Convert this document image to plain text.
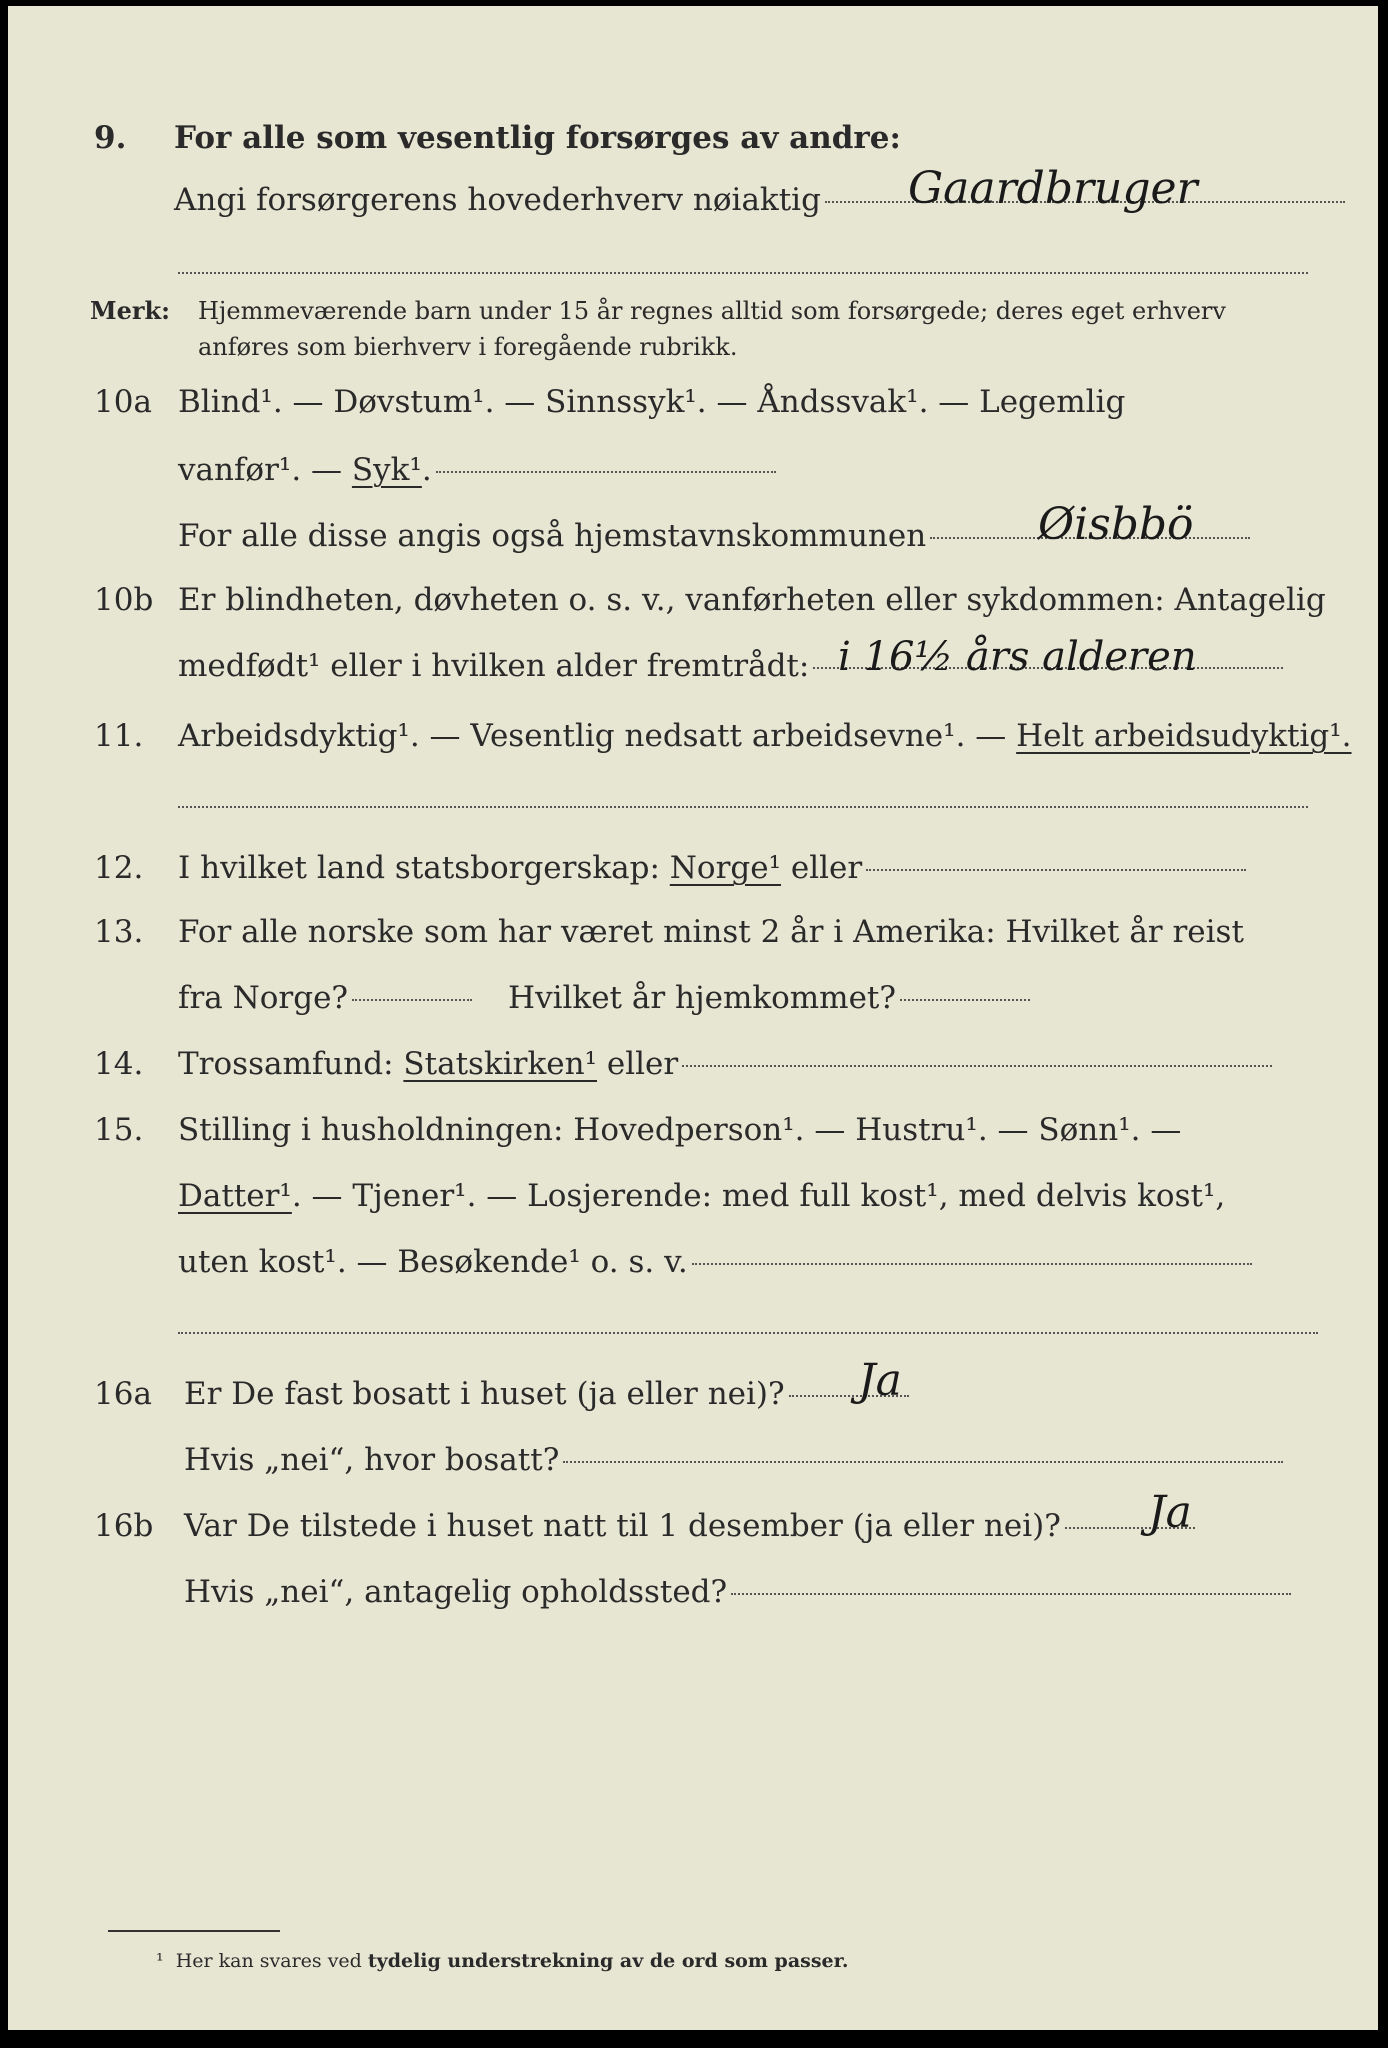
9. For alle som vesentlig forsørges av andre:
Angi forsørgerens hovederhverv nøiaktig	Gaardbruger
Merk: Hjemmeværende barn under 15 år regnes alltid som forsørgede; deres eget erhverv
anføres som bierhverv i foregående rubrikk.
10a Blind¹. — Døvstum¹. — Sinnssyk¹. — Åndssvak¹. — Legemlig
vanfør¹. — Syk¹.
For alle disse angis også hjemstavnskommunen	Øisbbö
10b Er blindheten, døvheten o. s. v., vanførheten eller sykdommen: Antagelig
medfødt¹ eller i hvilken alder fremtrådt: i 16½ års alderen
11. Arbeidsdyktig¹. — Vesentlig nedsatt arbeidsevne¹. — Helt arbeidsudyktig¹.
12. I hvilket land statsborgerskap: Norge¹ eller
13. For alle norske som har været minst 2 år i Amerika: Hvilket år reist
fra Norge?	Hvilket år hjemkommet?
14. Trossamfund: Statskirken¹ eller
15. Stilling i husholdningen: Hovedperson¹. — Hustru¹. — Sønn¹. —
Datter¹. — Tjener¹. — Losjerende: med full kost¹, med delvis kost¹,
uten kost¹. — Besøkende¹ o. s. v.
16a Er De fast bosatt i huset (ja eller nei)?	Ja
Hvis „nei“, hvor bosatt?
16b Var De tilstede i huset natt til 1 desember (ja eller nei)?	Ja
Hvis „nei“, antagelig opholdssted?
¹ Her kan svares ved tydelig understrekning av de ord som passer.
